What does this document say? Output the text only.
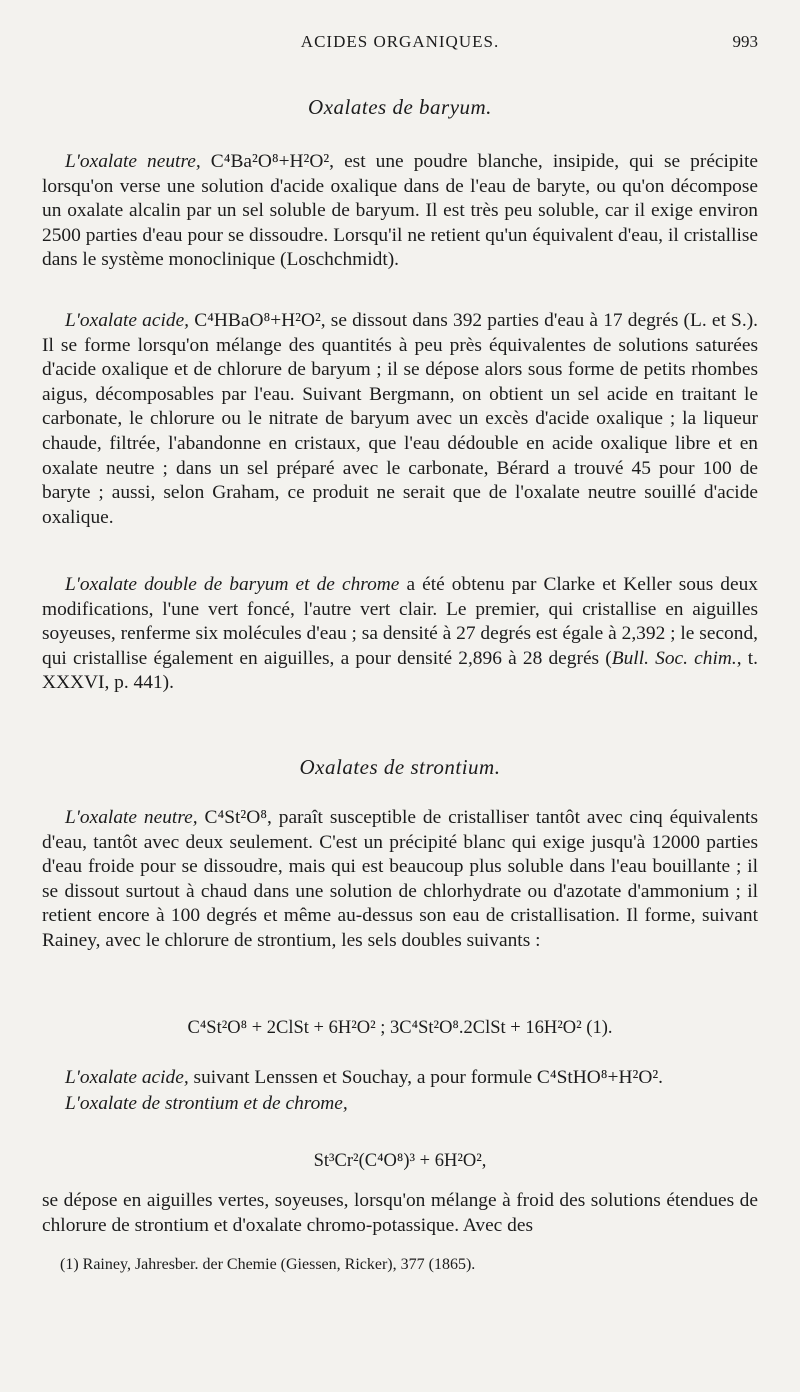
ACIDES ORGANIQUES.	993
Oxalates de baryum.
L'oxalate neutre, C⁴Ba²O⁸+H²O², est une poudre blanche, insipide, qui se précipite lorsqu'on verse une solution d'acide oxalique dans de l'eau de baryte, ou qu'on décompose un oxalate alcalin par un sel soluble de baryum. Il est très peu soluble, car il exige environ 2500 parties d'eau pour se dissoudre. Lorsqu'il ne retient qu'un équivalent d'eau, il cristallise dans le système monoclinique (Loschchmidt).
L'oxalate acide, C⁴HBaO⁸+H²O², se dissout dans 392 parties d'eau à 17 degrés (L. et S.). Il se forme lorsqu'on mélange des quantités à peu près équivalentes de solutions saturées d'acide oxalique et de chlorure de baryum ; il se dépose alors sous forme de petits rhombes aigus, décomposables par l'eau. Suivant Bergmann, on obtient un sel acide en traitant le carbonate, le chlorure ou le nitrate de baryum avec un excès d'acide oxalique ; la liqueur chaude, filtrée, l'abandonne en cristaux, que l'eau dédouble en acide oxalique libre et en oxalate neutre ; dans un sel préparé avec le carbonate, Bérard a trouvé 45 pour 100 de baryte ; aussi, selon Graham, ce produit ne serait que de l'oxalate neutre souillé d'acide oxalique.
L'oxalate double de baryum et de chrome a été obtenu par Clarke et Keller sous deux modifications, l'une vert foncé, l'autre vert clair. Le premier, qui cristallise en aiguilles soyeuses, renferme six molécules d'eau ; sa densité à 27 degrés est égale à 2,392 ; le second, qui cristallise également en aiguilles, a pour densité 2,896 à 28 degrés (Bull. Soc. chim., t. XXXVI, p. 441).
Oxalates de strontium.
L'oxalate neutre, C⁴St²O⁸, paraît susceptible de cristalliser tantôt avec cinq équivalents d'eau, tantôt avec deux seulement. C'est un précipité blanc qui exige jusqu'à 12000 parties d'eau froide pour se dissoudre, mais qui est beaucoup plus soluble dans l'eau bouillante ; il se dissout surtout à chaud dans une solution de chlorhydrate ou d'azotate d'ammonium ; il retient encore à 100 degrés et même au-dessus son eau de cristallisation. Il forme, suivant Rainey, avec le chlorure de strontium, les sels doubles suivants :
C⁴St²O⁸ + 2ClSt + 6H²O² ; 3C⁴St²O⁸.2ClSt + 16H²O² (1).
L'oxalate acide, suivant Lenssen et Souchay, a pour formule C⁴StHO⁸+H²O².
L'oxalate de strontium et de chrome,
St³Cr²(C⁴O⁸)³ + 6H²O²,
se dépose en aiguilles vertes, soyeuses, lorsqu'on mélange à froid des solutions étendues de chlorure de strontium et d'oxalate chromo-potassique. Avec des
(1) Rainey, Jahresber. der Chemie (Giessen, Ricker), 377 (1865).
